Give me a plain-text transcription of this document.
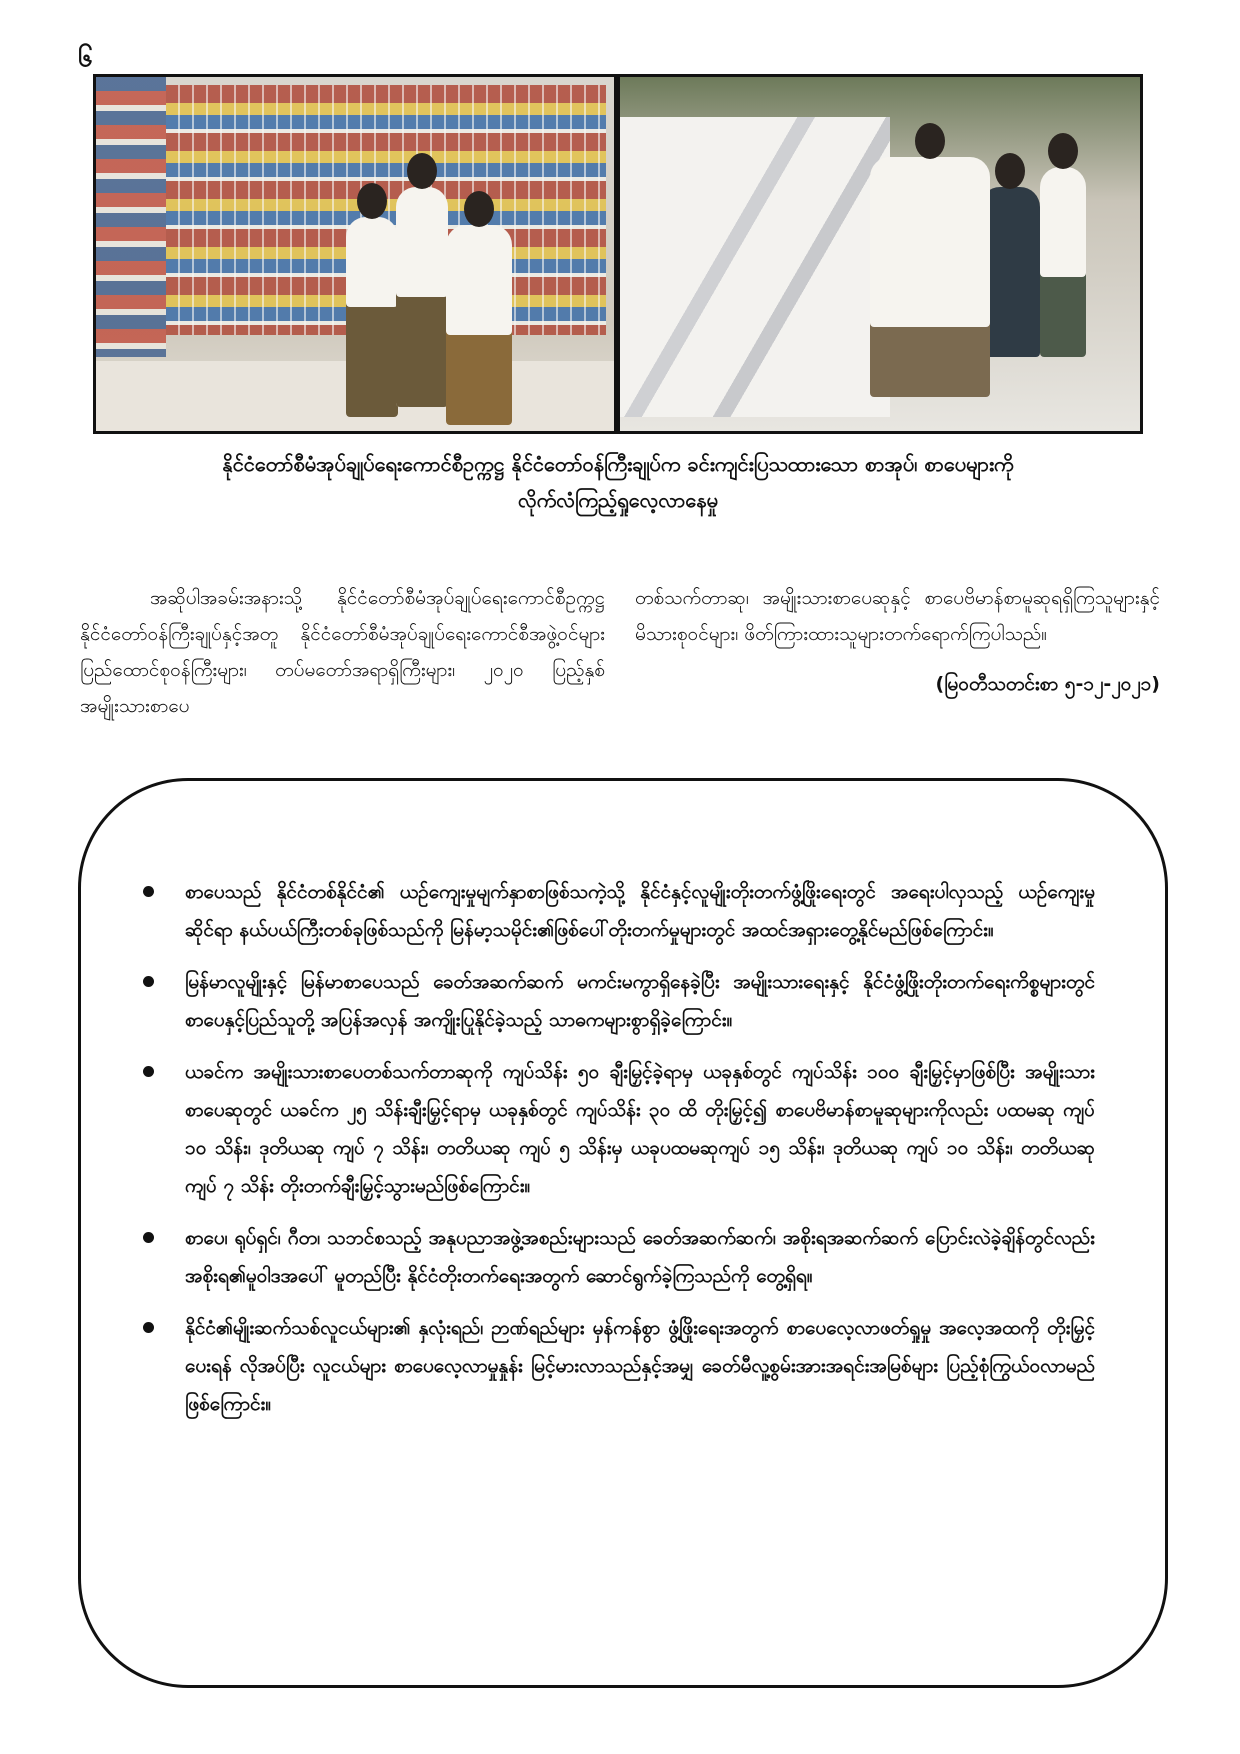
၆
နိုင်ငံတော်စီမံအုပ်ချုပ်ရေးကောင်စီဥက္ကဋ္ဌ နိုင်ငံတော်ဝန်ကြီးချုပ်က ခင်းကျင်းပြသထားသော စာအုပ်၊ စာပေများကို
လိုက်လံကြည့်ရှုလေ့လာနေမှု

အဆိုပါအခမ်းအနားသို့ နိုင်ငံတော်စီမံအုပ်ချုပ်ရေးကောင်စီဥက္ကဋ္ဌ နိုင်ငံတော်ဝန်ကြီးချုပ်နှင့်အတူ နိုင်ငံတော်စီမံအုပ်ချုပ်ရေးကောင်စီအဖွဲ့ဝင်များ ပြည်ထောင်စုဝန်ကြီးများ၊ တပ်မတော်အရာရှိကြီးများ၊ ၂၀၂၀ ပြည့်နှစ် အမျိုးသားစာပေ

တစ်သက်တာဆု၊ အမျိုးသားစာပေဆုနှင့် စာပေဗိမာန်စာမူဆုရရှိကြသူများနှင့် မိသားစုဝင်များ၊ ဖိတ်ကြားထားသူများတက်ရောက်ကြပါသည်။

(မြဝတီသတင်းစာ ၅-၁၂-၂၀၂၁)
စာပေသည် နိုင်ငံတစ်နိုင်ငံ၏ ယဉ်ကျေးမှုမျက်နှာစာဖြစ်သကဲ့သို့ နိုင်ငံနှင့်လူမျိုးတိုးတက်ဖွံ့ဖြိုးရေးတွင် အရေးပါလှသည့် ယဉ်ကျေးမှုဆိုင်ရာ နယ်ပယ်ကြီးတစ်ခုဖြစ်သည်ကို မြန်မာ့သမိုင်း၏ဖြစ်ပေါ်တိုးတက်မှုများတွင် အထင်အရှားတွေ့နိုင်မည်ဖြစ်ကြောင်း။
မြန်မာလူမျိုးနှင့် မြန်မာစာပေသည် ခေတ်အဆက်ဆက် မကင်းမကွာရှိနေခဲ့ပြီး အမျိုးသားရေးနှင့် နိုင်ငံဖွံ့ဖြိုးတိုးတက်ရေးကိစ္စများတွင် စာပေနှင့်ပြည်သူတို့ အပြန်အလှန် အကျိုးပြုနိုင်ခဲ့သည့် သာဓကများစွာရှိခဲ့ကြောင်း။
ယခင်က အမျိုးသားစာပေတစ်သက်တာဆုကို ကျပ်သိန်း ၅၀ ချီးမြှင့်ခဲ့ရာမှ ယခုနှစ်တွင် ကျပ်သိန်း ၁၀၀ ချီးမြှင့်မှာဖြစ်ပြီး အမျိုးသားစာပေဆုတွင် ယခင်က ၂၅ သိန်းချီးမြှင့်ရာမှ ယခုနှစ်တွင် ကျပ်သိန်း ၃၀ ထိ တိုးမြှင့်၍ စာပေဗိမာန်စာမူဆုများကိုလည်း ပထမဆု ကျပ် ၁၀ သိန်း၊ ဒုတိယဆု ကျပ် ၇ သိန်း၊ တတိယဆု ကျပ် ၅ သိန်းမှ ယခုပထမဆုကျပ် ၁၅ သိန်း၊ ဒုတိယဆု ကျပ် ၁၀ သိန်း၊ တတိယဆု ကျပ် ၇ သိန်း တိုးတက်ချီးမြှင့်သွားမည်ဖြစ်ကြောင်း။
စာပေ၊ ရုပ်ရှင်၊ ဂီတ၊ သဘင်စသည့် အနုပညာအဖွဲ့အစည်းများသည် ခေတ်အဆက်ဆက်၊ အစိုးရအဆက်ဆက် ပြောင်းလဲခဲ့ချိန်တွင်လည်း အစိုးရ၏မူဝါဒအပေါ် မူတည်ပြီး နိုင်ငံတိုးတက်ရေးအတွက် ဆောင်ရွက်ခဲ့ကြသည်ကို တွေ့ရှိရ။
နိုင်ငံ၏မျိုးဆက်သစ်လူငယ်များ၏ နှလုံးရည်၊ ဉာဏ်ရည်များ မှန်ကန်စွာ ဖွံ့ဖြိုးရေးအတွက် စာပေလေ့လာဖတ်ရှုမှု အလေ့အထကို တိုးမြှင့်ပေးရန် လိုအပ်ပြီး လူငယ်များ စာပေလေ့လာမှုနှုန်း မြင့်မားလာသည်နှင့်အမျှ ခေတ်မီလူ့စွမ်းအားအရင်းအမြစ်များ ပြည့်စုံကြွယ်ဝလာမည်ဖြစ်ကြောင်း။
